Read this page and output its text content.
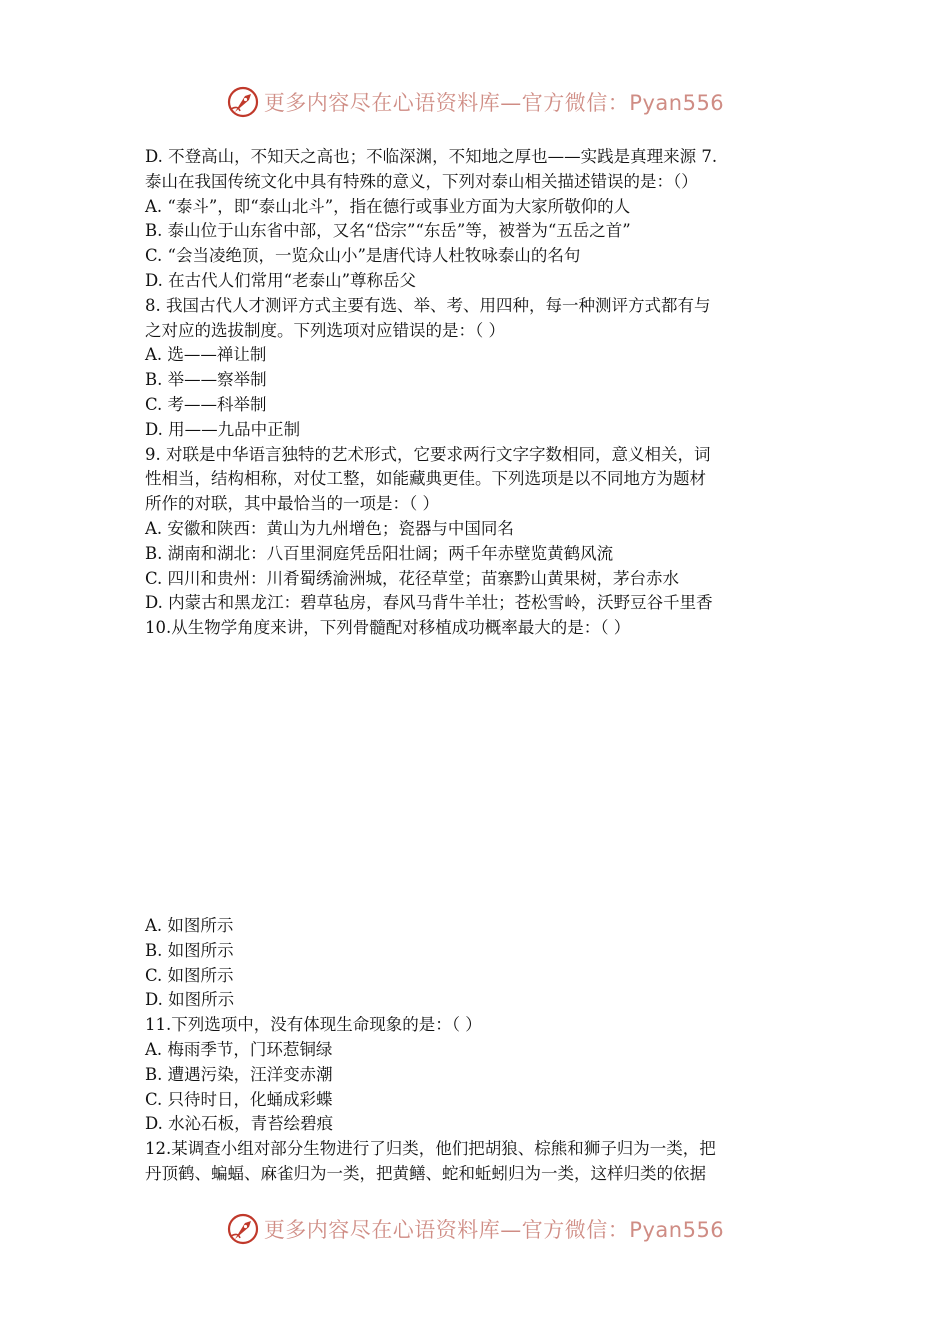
更多内容尽在心语资料库—官方微信：Pyan556
D. 不登高山，不知天之高也；不临深渊，不知地之厚也——实践是真理来源 7.
泰山在我国传统文化中具有特殊的意义，下列对泰山相关描述错误的是：（）
A. “泰斗”，即“泰山北斗”，指在德行或事业方面为大家所敬仰的人
B. 泰山位于山东省中部，又名“岱宗”“东岳”等，被誉为“五岳之首”
C. “会当凌绝顶，一览众山小”是唐代诗人杜牧咏泰山的名句
D. 在古代人们常用“老泰山”尊称岳父
8. 我国古代人才测评方式主要有选、举、考、用四种，每一种测评方式都有与
之对应的选拔制度。下列选项对应错误的是：（ ）
A. 选——禅让制
B. 举——察举制
C. 考——科举制
D. 用——九品中正制
9. 对联是中华语言独特的艺术形式，它要求两行文字字数相同，意义相关，词
性相当，结构相称，对仗工整，如能藏典更佳。下列选项是以不同地方为题材
所作的对联，其中最恰当的一项是：（ ）
A. 安徽和陕西：黄山为九州增色；瓷器与中国同名
B. 湖南和湖北：八百里洞庭凭岳阳壮阔；两千年赤壁览黄鹤风流
C. 四川和贵州：川肴蜀绣渝洲城，花径草堂；苗寨黔山黄果树，茅台赤水
D. 内蒙古和黑龙江：碧草毡房，春风马背牛羊壮；苍松雪岭，沃野豆谷千里香
10.从生物学角度来讲，下列骨髓配对移植成功概率最大的是：（ ）
A. 如图所示
B. 如图所示
C. 如图所示
D. 如图所示
11.下列选项中，没有体现生命现象的是：（ ）
A. 梅雨季节，门环惹铜绿
B. 遭遇污染，汪洋变赤潮
C. 只待时日，化蛹成彩蝶
D. 水沁石板，青苔绘碧痕
12.某调查小组对部分生物进行了归类，他们把胡狼、棕熊和狮子归为一类，把
丹顶鹤、蝙蝠、麻雀归为一类，把黄鳝、蛇和蚯蚓归为一类，这样归类的依据
更多内容尽在心语资料库—官方微信：Pyan556
